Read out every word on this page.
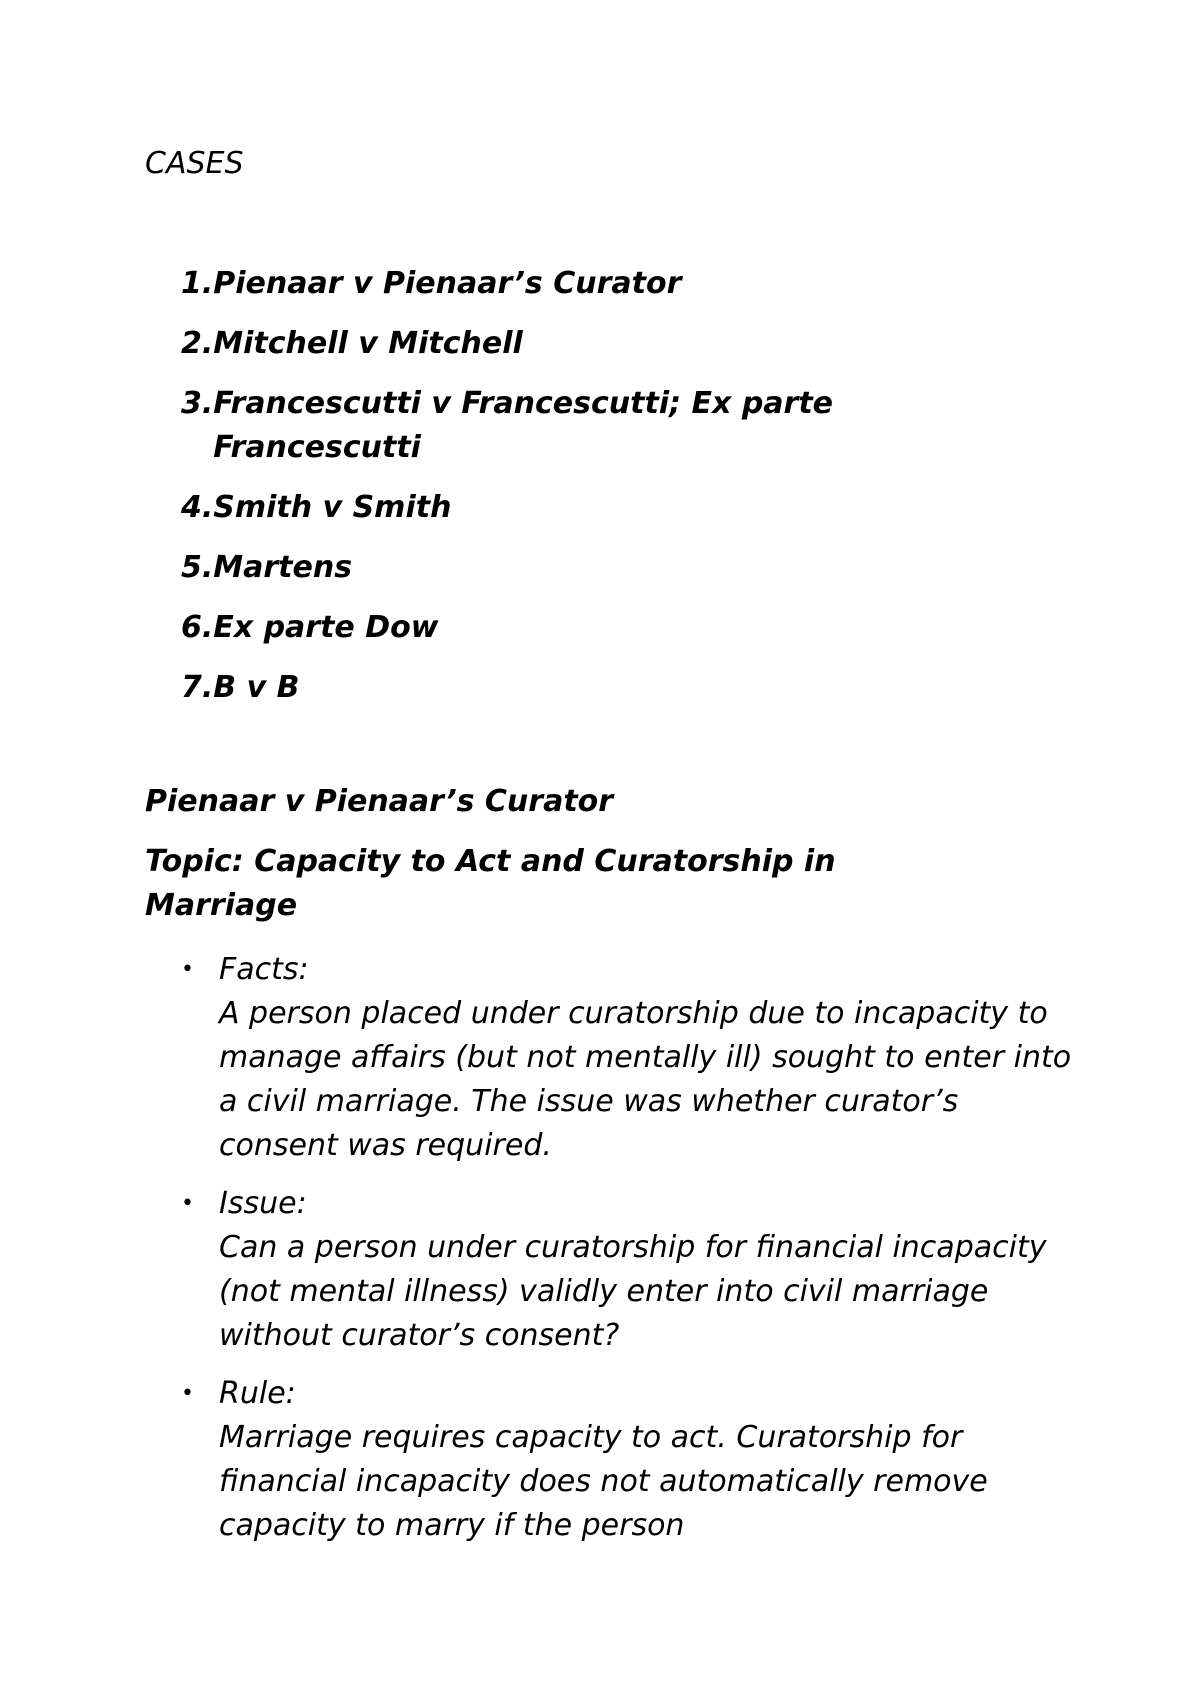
CASES
1. Pienaar v Pienaar’s Curator
2. Mitchell v Mitchell
3. Francescutti v Francescutti; Ex parte Francescutti
4. Smith v Smith
5. Martens
6. Ex parte Dow
7. B v B
Pienaar v Pienaar’s Curator
Topic: Capacity to Act and Curatorship in Marriage
• Facts:
A person placed under curatorship due to incapacity to manage affairs (but not mentally ill) sought to enter into a civil marriage. The issue was whether curator’s consent was required.
• Issue:
Can a person under curatorship for financial incapacity (not mental illness) validly enter into civil marriage without curator’s consent?
• Rule:
Marriage requires capacity to act. Curatorship for financial incapacity does not automatically remove capacity to marry if the person
